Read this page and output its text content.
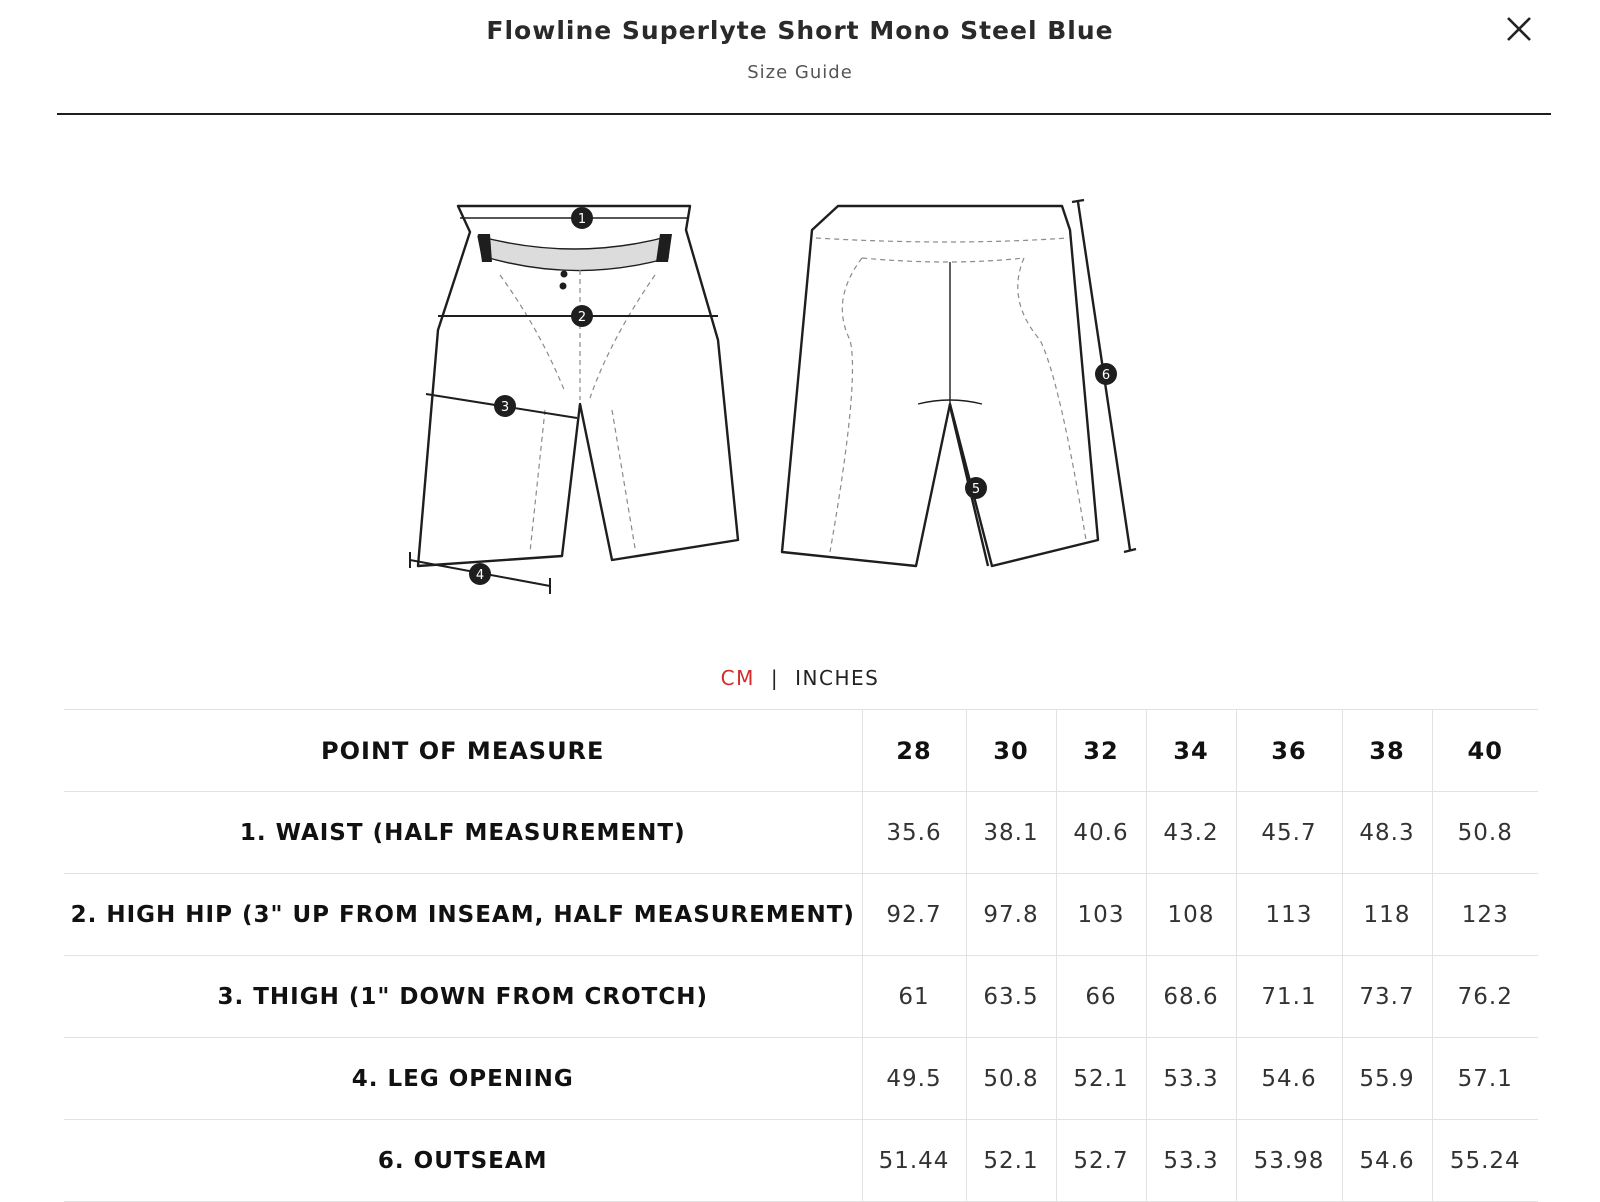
Flowline Superlyte Short Mono Steel Blue
Size Guide
1
2
3
4
6
5
CM | INCHES
POINT OF MEASURE	28	30	32	34	36	38	40
1. WAIST (HALF MEASUREMENT)	35.6	38.1	40.6	43.2	45.7	48.3	50.8
2. HIGH HIP (3" UP FROM INSEAM, HALF MEASUREMENT)	92.7	97.8	103	108	113	118	123
3. THIGH (1" DOWN FROM CROTCH)	61	63.5	66	68.6	71.1	73.7	76.2
4. LEG OPENING	49.5	50.8	52.1	53.3	54.6	55.9	57.1
6. OUTSEAM	51.44	52.1	52.7	53.3	53.98	54.6	55.24
